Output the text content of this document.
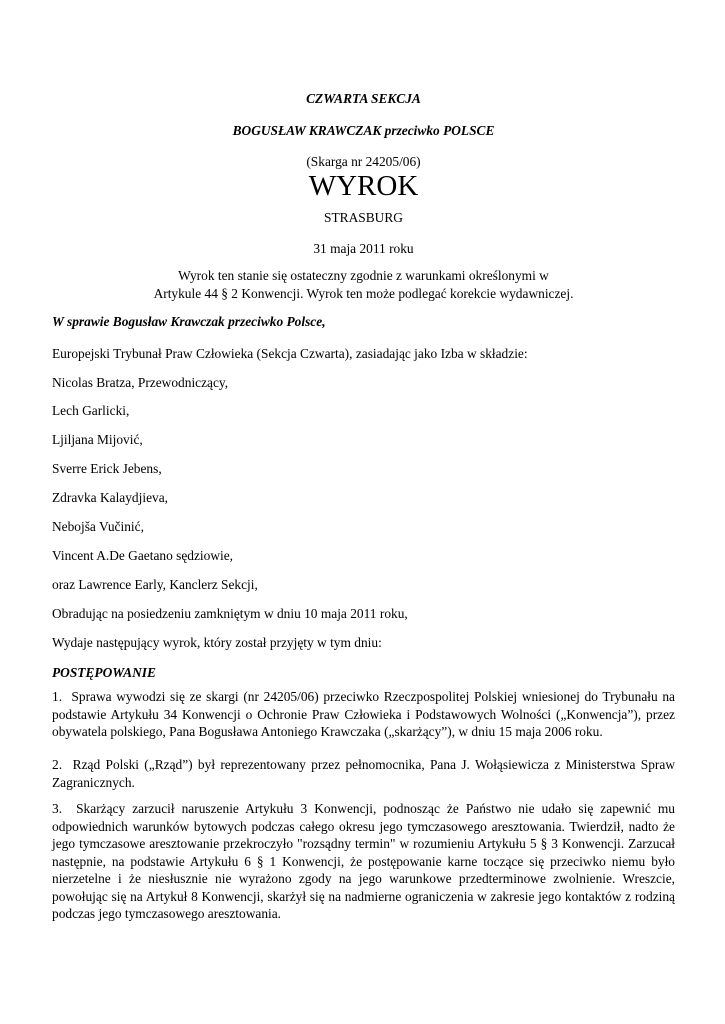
CZWARTA SEKCJA

BOGUSŁAW KRAWCZAK przeciwko POLSCE

(Skarga nr 24205/06)

WYROK

STRASBURG

31 maja 2011 roku

Wyrok ten stanie się ostateczny zgodnie z warunkami określonymi w

Artykule 44 § 2 Konwencji. Wyrok ten może podlegać korekcie wydawniczej.

W sprawie Bogusław Krawczak przeciwko Polsce,

Europejski Trybunał Praw Człowieka (Sekcja Czwarta), zasiadając jako Izba w składzie:

Nicolas Bratza, Przewodniczący,

Lech Garlicki,

Ljiljana Mijović,

Sverre Erick Jebens,

Zdravka Kalaydjieva,

Nebojša Vučinić,

Vincent A.De Gaetano sędziowie,

oraz Lawrence Early, Kanclerz Sekcji,

Obradując na posiedzeniu zamkniętym w dniu 10 maja 2011 roku,

Wydaje następujący wyrok, który został przyjęty w tym dniu:

POSTĘPOWANIE

1. Sprawa wywodzi się ze skargi (nr 24205/06) przeciwko Rzeczpospolitej Polskiej wniesionej do Trybunału na podstawie Artykułu 34 Konwencji o Ochronie Praw Człowieka i Podstawowych Wolności („Konwencja”), przez obywatela polskiego, Pana Bogusława Antoniego Krawczaka („skarżący”), w dniu 15 maja 2006 roku.

2. Rząd Polski („Rząd”) był reprezentowany przez pełnomocnika, Pana J. Wołąsiewicza z Ministerstwa Spraw Zagranicznych.

3. Skarżący zarzucił naruszenie Artykułu 3 Konwencji, podnosząc że Państwo nie udało się zapewnić mu odpowiednich warunków bytowych podczas całego okresu jego tymczasowego aresztowania. Twierdził, nadto że jego tymczasowe aresztowanie przekroczyło "rozsądny termin" w rozumieniu Artykułu 5 § 3 Konwencji. Zarzucał następnie, na podstawie Artykułu 6 § 1 Konwencji, że postępowanie karne toczące się przeciwko niemu było nierzetelne i że niesłusznie nie wyrażono zgody na jego warunkowe przedterminowe zwolnienie. Wreszcie, powołując się na Artykuł 8 Konwencji, skarżył się na nadmierne ograniczenia w zakresie jego kontaktów z rodziną podczas jego tymczasowego aresztowania.
